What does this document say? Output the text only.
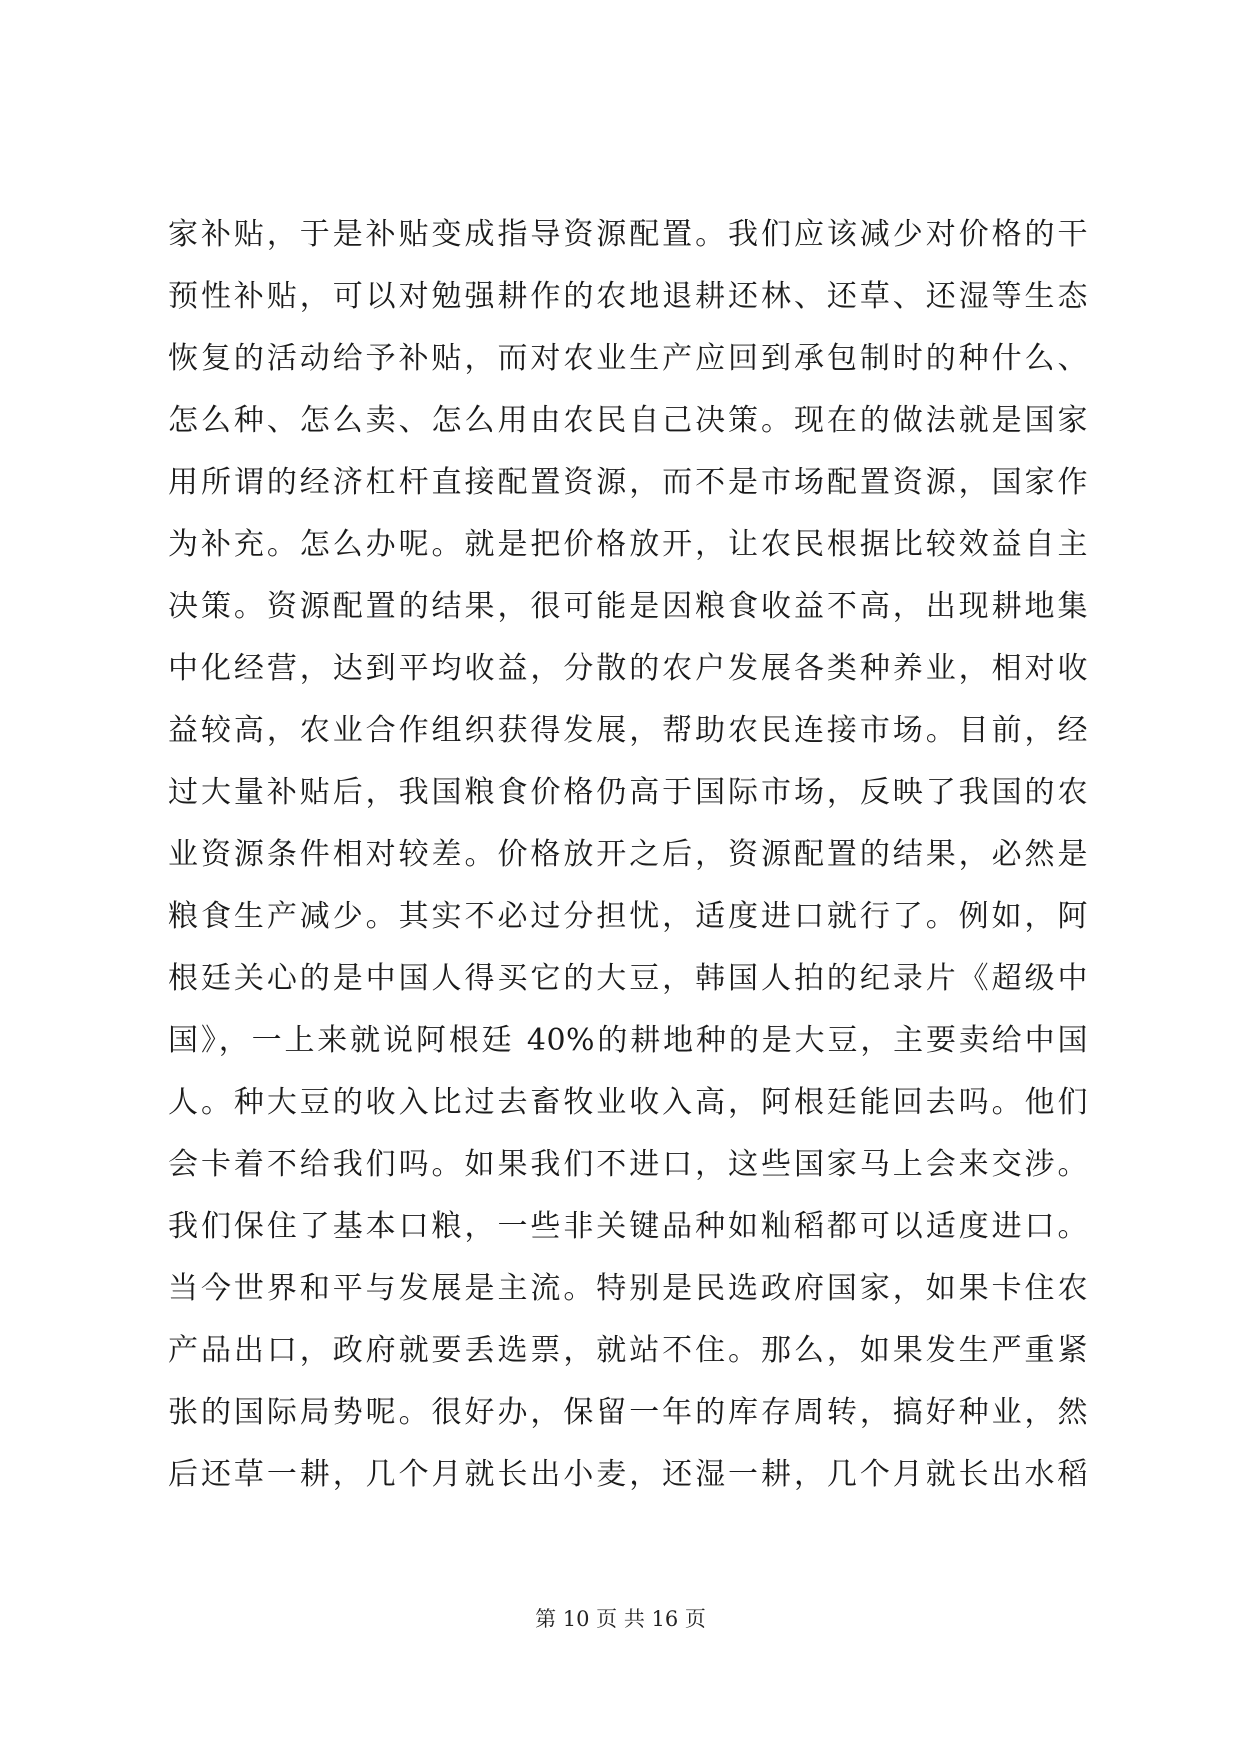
家补贴，于是补贴变成指导资源配置。我们应该减少对价格的干
预性补贴，可以对勉强耕作的农地退耕还林、还草、还湿等生态
恢复的活动给予补贴，而对农业生产应回到承包制时的种什么、
怎么种、怎么卖、怎么用由农民自己决策。现在的做法就是国家
用所谓的经济杠杆直接配置资源，而不是市场配置资源，国家作
为补充。怎么办呢。就是把价格放开，让农民根据比较效益自主
决策。资源配置的结果，很可能是因粮食收益不高，出现耕地集
中化经营，达到平均收益，分散的农户发展各类种养业，相对收
益较高，农业合作组织获得发展，帮助农民连接市场。目前，经
过大量补贴后，我国粮食价格仍高于国际市场，反映了我国的农
业资源条件相对较差。价格放开之后，资源配置的结果，必然是
粮食生产减少。其实不必过分担忧，适度进口就行了。例如，阿
根廷关心的是中国人得买它的大豆，韩国人拍的纪录片《超级中
国》，一上来就说阿根廷 40%的耕地种的是大豆，主要卖给中国
人。种大豆的收入比过去畜牧业收入高，阿根廷能回去吗。他们
会卡着不给我们吗。如果我们不进口，这些国家马上会来交涉。
我们保住了基本口粮，一些非关键品种如籼稻都可以适度进口。
当今世界和平与发展是主流。特别是民选政府国家，如果卡住农
产品出口，政府就要丢选票，就站不住。那么，如果发生严重紧
张的国际局势呢。很好办，保留一年的库存周转，搞好种业，然
后还草一耕，几个月就长出小麦，还湿一耕，几个月就长出水稻
第 10 页 共 16 页
